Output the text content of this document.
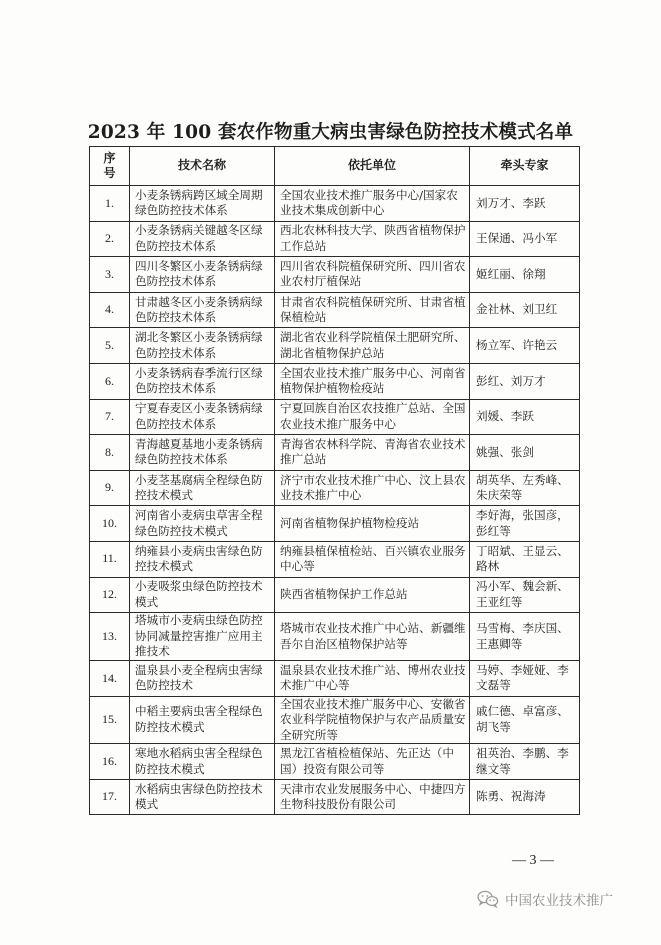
2023 年 100 套农作物重大病虫害绿色防控技术模式名单
序
号	技术名称	依托单位	牵头专家
1.	小麦条锈病跨区域全周期绿色防控技术体系	全国农业技术推广服务中心/国家农业技术集成创新中心	刘万才、李跃
2.	小麦条锈病关键越冬区绿色防控技术体系	西北农林科技大学、陕西省植物保护工作总站	王保通、冯小军
3.	四川冬繁区小麦条锈病绿色防控技术体系	四川省农科院植保研究所、四川省农业农村厅植保站	姬红丽、徐翔
4.	甘肃越冬区小麦条锈病绿色防控技术体系	甘肃省农科院植保研究所、甘肃省植保植检站	金社林、刘卫红
5.	湖北冬繁区小麦条锈病绿色防控技术体系	湖北省农业科学院植保土肥研究所、湖北省植物保护总站	杨立军、许艳云
6.	小麦条锈病春季流行区绿色防控技术体系	全国农业技术推广服务中心、河南省植物保护植物检疫站	彭红、刘万才
7.	宁夏春麦区小麦条锈病绿色防控技术体系	宁夏回族自治区农技推广总站、全国农业技术推广服务中心	刘媛、李跃
8.	青海越夏基地小麦条锈病绿色防控技术体系	青海省农林科学院、青海省农业技术推广总站	姚强、张剑
9.	小麦茎基腐病全程绿色防控技术模式	济宁市农业技术推广中心、汶上县农业技术推广中心	胡英华、左秀峰、朱庆荣等
10.	河南省小麦病虫草害全程绿色防控技术模式	河南省植物保护植物检疫站	李好海，张国彦，彭红等
11.	纳雍县小麦病虫害绿色防控技术模式	纳雍县植保植检站、百兴镇农业服务中心等	丁昭斌、王显云、路林
12.	小麦吸浆虫绿色防控技术模式	陕西省植物保护工作总站	冯小军、魏会新、王亚红等
13.	塔城市小麦病虫绿色防控协同减量控害推广应用主推技术	塔城市农业技术推广中心站、新疆维吾尔自治区植物保护站等	马雪梅、李庆国、王惠卿等
14.	温泉县小麦全程病虫害绿色防控技术	温泉县农业技术推广站、博州农业技术推广中心等	马婷、李娅娅、李文磊等
15.	中稻主要病虫害全程绿色防控技术模式	全国农业技术推广服务中心、安徽省农业科学院植物保护与农产品质量安全研究所等	戚仁德、卓富彦、胡飞等
16.	寒地水稻病虫害全程绿色防控技术模式	黑龙江省植检植保站、先正达（中国）投资有限公司等	祖英治、李鹏、李继文等
17.	水稻病虫害绿色防控技术模式	天津市农业发展服务中心、中捷四方生物科技股份有限公司	陈勇、祝海涛
— 3 —
中国农业技术推广
